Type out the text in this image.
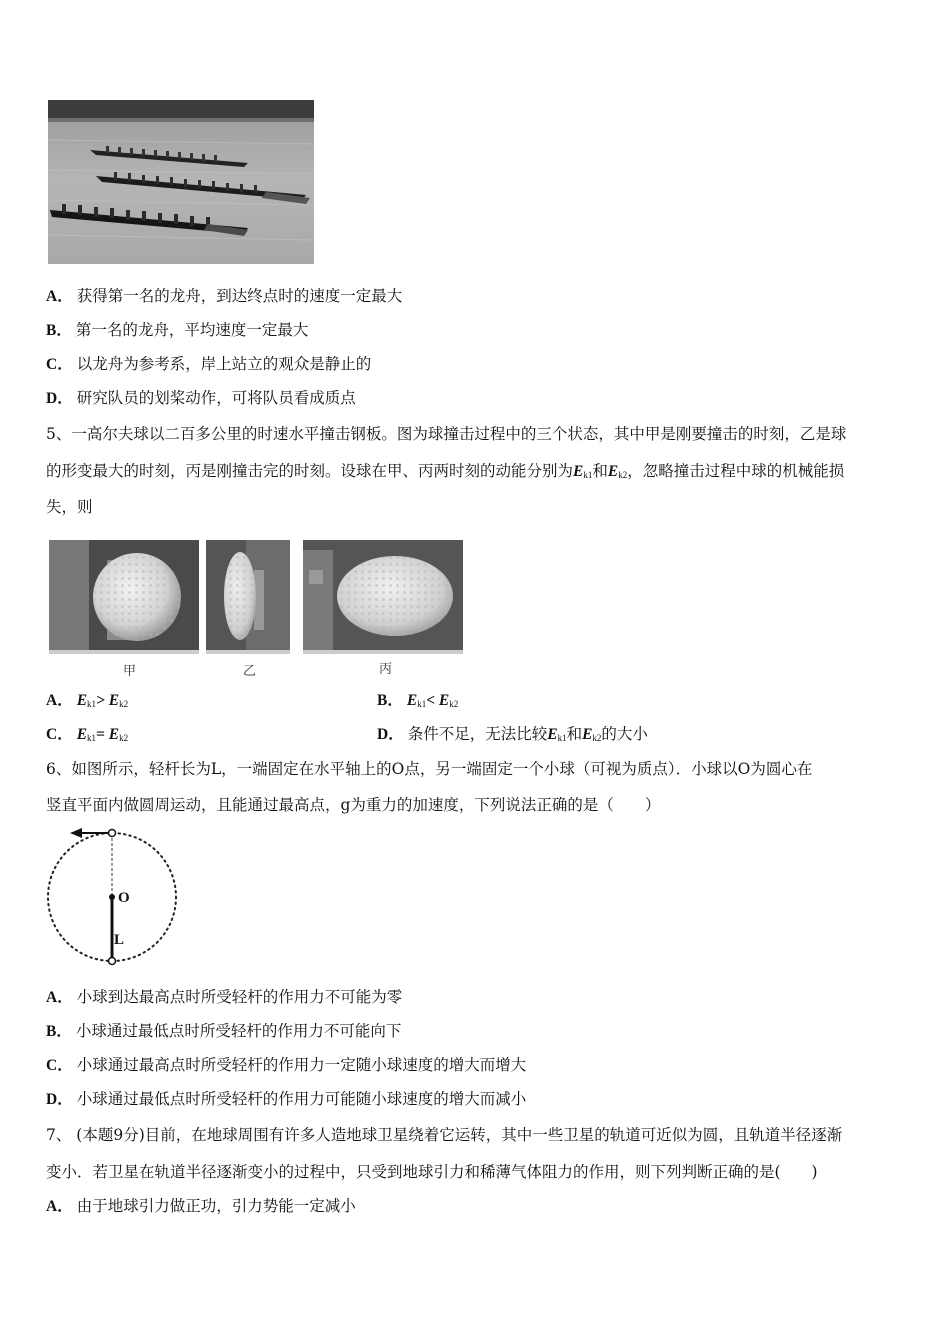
A． 获得第一名的龙舟，到达终点时的速度一定最大
B． 第一名的龙舟，平均速度一定最大
C． 以龙舟为参考系，岸上站立的观众是静止的
D． 研究队员的划桨动作，可将队员看成质点
5、一高尔夫球以二百多公里的时速水平撞击钢板。图为球撞击过程中的三个状态，其中甲是刚要撞击的时刻，乙是球
的形变最大的时刻，丙是刚撞击完的时刻。设球在甲、丙两时刻的动能分别为$E_{k1}$和$E_{k2}$，忽略撞击过程中球的机械能损
失，则
甲	乙	丙
A． $E_{k1}> E_{k2}$	B． $E_{k1}< E_{k2}$
C． $E_{k1}= E_{k2}$	D． 条件不足，无法比较$E_{k1}$和$E_{k2}$的大小
6、如图所示，轻杆长为L，一端固定在水平轴上的O点，另一端固定一个小球（可视为质点）．小球以O为圆心在
竖直平面内做圆周运动，且能通过最高点，g为重力的加速度，下列说法正确的是（　　）
O
L
A． 小球到达最高点时所受轻杆的作用力不可能为零
B． 小球通过最低点时所受轻杆的作用力不可能向下
C． 小球通过最高点时所受轻杆的作用力一定随小球速度的增大而增大
D． 小球通过最低点时所受轻杆的作用力可能随小球速度的增大而减小
7、 (本题9分)目前，在地球周围有许多人造地球卫星绕着它运转，其中一些卫星的轨道可近似为圆，且轨道半径逐渐
变小．若卫星在轨道半径逐渐变小的过程中，只受到地球引力和稀薄气体阻力的作用，则下列判断正确的是(　　)
A． 由于地球引力做正功，引力势能一定减小
